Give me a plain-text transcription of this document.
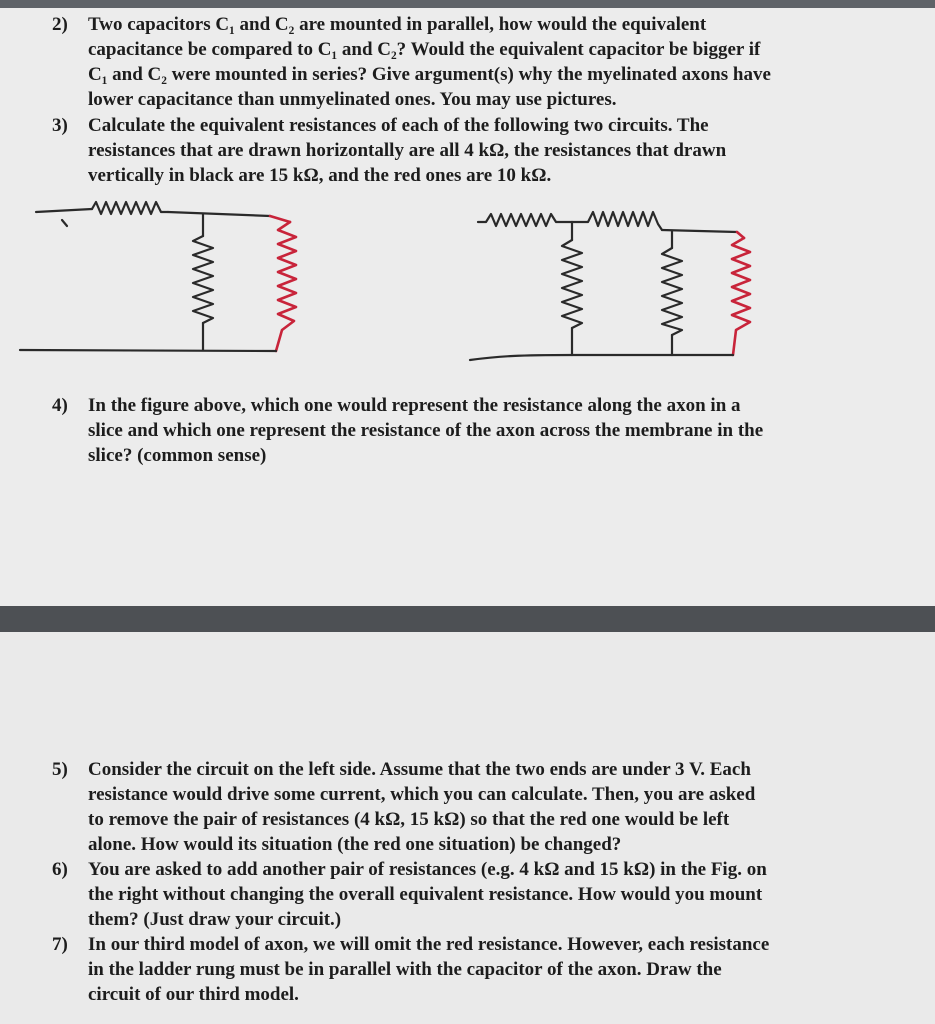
2) Two capacitors C₁ and C₂ are mounted in parallel, how would the equivalent
capacitance be compared to C₁ and C₂? Would the equivalent capacitor be bigger if
C₁ and C₂ were mounted in series? Give argument(s) why the myelinated axons have
lower capacitance than unmyelinated ones. You may use pictures.
3) Calculate the equivalent resistances of each of the following two circuits. The
resistances that are drawn horizontally are all 4 kΩ, the resistances that drawn
vertically in black are 15 kΩ, and the red ones are 10 kΩ.
4) In the figure above, which one would represent the resistance along the axon in a
slice and which one represent the resistance of the axon across the membrane in the
slice? (common sense)
5) Consider the circuit on the left side. Assume that the two ends are under 3 V. Each
resistance would drive some current, which you can calculate. Then, you are asked
to remove the pair of resistances (4 kΩ, 15 kΩ) so that the red one would be left
alone. How would its situation (the red one situation) be changed?
6) You are asked to add another pair of resistances (e.g. 4 kΩ and 15 kΩ) in the Fig. on
the right without changing the overall equivalent resistance. How would you mount
them? (Just draw your circuit.)
7) In our third model of axon, we will omit the red resistance. However, each resistance
in the ladder rung must be in parallel with the capacitor of the axon. Draw the
circuit of our third model.
